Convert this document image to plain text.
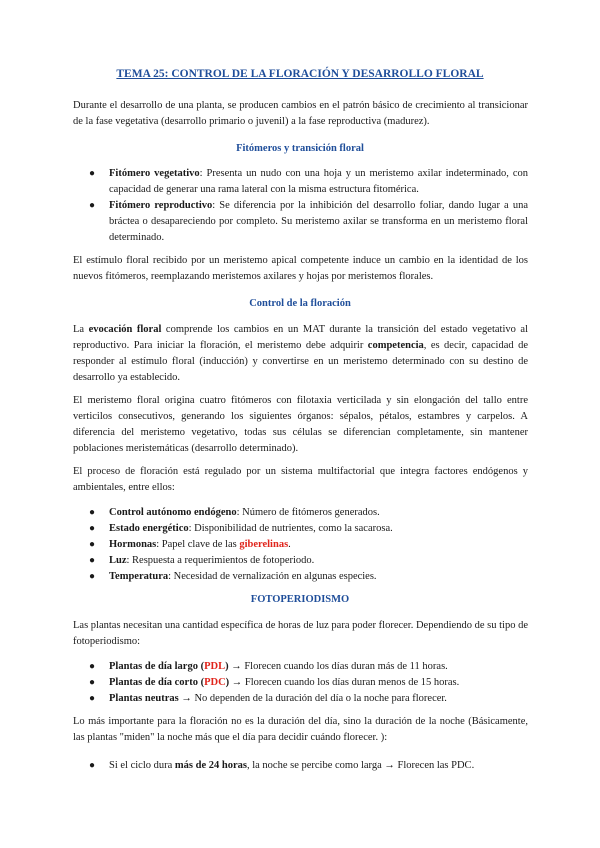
TEMA 25: CONTROL DE LA FLORACIÓN Y DESARROLLO FLORAL

Durante el desarrollo de una planta, se producen cambios en el patrón básico de crecimiento al transicionar de la fase vegetativa (desarrollo primario o juvenil) a la fase reproductiva (madurez).

Fitómeros y transición floral
● Fitómero vegetativo: Presenta un nudo con una hoja y un meristemo axilar indeterminado, con capacidad de generar una rama lateral con la misma estructura fitomérica.
● Fitómero reproductivo: Se diferencia por la inhibición del desarrollo foliar, dando lugar a una bráctea o desapareciendo por completo. Su meristemo axilar se transforma en un meristemo floral determinado.

El estímulo floral recibido por un meristemo apical competente induce un cambio en la identidad de los nuevos fitómeros, reemplazando meristemos axilares y hojas por meristemos florales.

Control de la floración

La evocación floral comprende los cambios en un MAT durante la transición del estado vegetativo al reproductivo. Para iniciar la floración, el meristemo debe adquirir competencia, es decir, capacidad de responder al estímulo floral (inducción) y convertirse en un meristemo determinado con su destino de desarrollo ya establecido.

El meristemo floral origina cuatro fitómeros con filotaxia verticilada y sin elongación del tallo entre verticilos consecutivos, generando los siguientes órganos: sépalos, pétalos, estambres y carpelos. A diferencia del meristemo vegetativo, todas sus células se diferencian completamente, sin mantener poblaciones meristemáticas (desarrollo determinado).

El proceso de floración está regulado por un sistema multifactorial que integra factores endógenos y ambientales, entre ellos:

● Control autónomo endógeno: Número de fitómeros generados.
● Estado energético: Disponibilidad de nutrientes, como la sacarosa.
● Hormonas: Papel clave de las giberelinas.
● Luz: Respuesta a requerimientos de fotoperiodo.
● Temperatura: Necesidad de vernalización en algunas especies.
FOTOPERIODISMO

Las plantas necesitan una cantidad específica de horas de luz para poder florecer. Dependiendo de su tipo de fotoperiodismo:

● Plantas de día largo (PDL) → Florecen cuando los días duran más de 11 horas.
● Plantas de día corto (PDC) → Florecen cuando los días duran menos de 15 horas.
● Plantas neutras → No dependen de la duración del día o la noche para florecer.

Lo más importante para la floración no es la duración del día, sino la duración de la noche (Básicamente, las plantas "miden" la noche más que el día para decidir cuándo florecer. ):

● Si el ciclo dura más de 24 horas, la noche se percibe como larga → Florecen las PDC.
